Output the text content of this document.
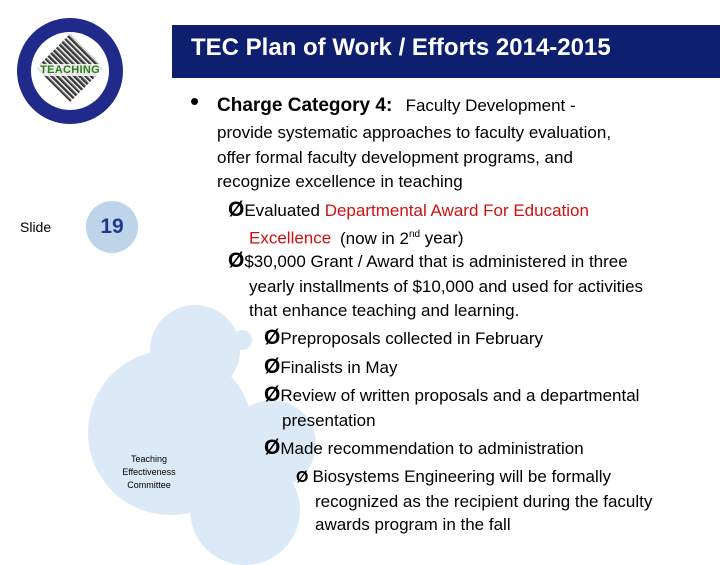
TEACHING
Slide	19
Teaching
Effectiveness
Committee
TEC Plan of Work / Efforts 2014-2015
• Charge Category 4: Faculty Development -
provide systematic approaches to faculty evaluation,
offer formal faculty development programs, and
recognize excellence in teaching
ØEvaluated Departmental Award For Education
Excellence (now in 2nd year)
Ø$30,000 Grant / Award that is administered in three
yearly installments of $10,000 and used for activities
that enhance teaching and learning.
ØPreproposals collected in February
ØFinalists in May
ØReview of written proposals and a departmental
presentation
ØMade recommendation to administration
Ø Biosystems Engineering will be formally
recognized as the recipient during the faculty
awards program in the fall
